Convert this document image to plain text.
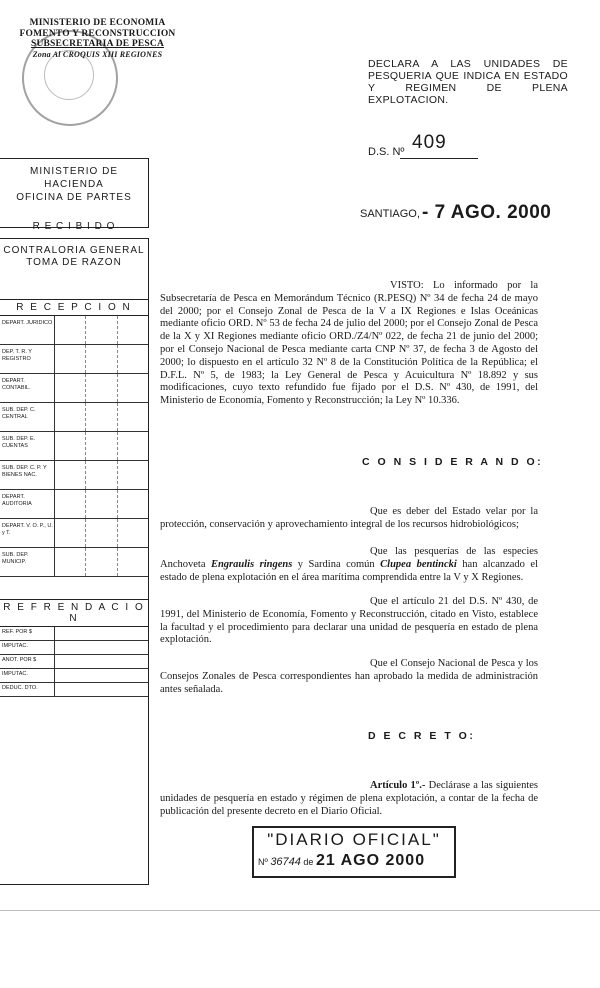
MINISTERIO DE ECONOMIA
FOMENTO Y RECONSTRUCCION
SUBSECRETARIA DE PESCA
Zona Al CROQUIS XIII REGIONES
DECLARA A LAS UNIDADES DE PESQUERIA QUE INDICA EN ESTADO Y REGIMEN DE PLENA EXPLOTACION.
D.S. Nº 409
SANTIAGO, - 7 AGO. 2000
MINISTERIO DE HACIENDA
OFICINA DE PARTES
R E C I B I D O
CONTRALORIA GENERAL
TOMA DE RAZON
R E C E P C I O N
DEPART. JURIDICO
DEP. T. R. Y REGISTRO
DEPART. CONTABIL.
SUB. DEP. C. CENTRAL
SUB. DEP. E. CUENTAS
SUB. DEP. C. P. Y BIENES NAC.
DEPART. AUDITORIA
DEPART. V. O. P., U. y T.
SUB. DEP. MUNICIP.
R E F R E N D A C I O N
REF. POR $
IMPUTAC.
ANOT. POR $
IMPUTAC.
DEDUC. DTO.
VISTO: Lo informado por la Subsecretaría de Pesca en Memorándum Técnico (R.PESQ) Nº 34 de fecha 24 de mayo del 2000; por el Consejo Zonal de Pesca de la V a IX Regiones e Islas Oceánicas mediante oficio ORD. Nº 53 de fecha 24 de julio del 2000; por el Consejo Zonal de Pesca de la X y XI Regiones mediante oficio ORD./Z4/Nº 022, de fecha 21 de junio del 2000; por el Consejo Nacional de Pesca mediante carta CNP Nº 37, de fecha 3 de Agosto del 2000; lo dispuesto en el artículo 32 Nº 8 de la Constitución Política de la República; el D.F.L. Nº 5, de 1983; la Ley General de Pesca y Acuicultura Nº 18.892 y sus modificaciones, cuyo texto refundido fue fijado por el D.S. Nº 430, de 1991, del Ministerio de Economía, Fomento y Reconstrucción; la Ley Nº 10.336.
C O N S I D E R A N D O:
Que es deber del Estado velar por la protección, conservación y aprovechamiento integral de los recursos hidrobiológicos;
Que las pesquerías de las especies Anchoveta Engraulis ringens y Sardina común Clupea bentincki han alcanzado el estado de plena explotación en el área marítima comprendida entre la V y X Regiones.
Que el artículo 21 del D.S. Nº 430, de 1991, del Ministerio de Economía, Fomento y Reconstrucción, citado en Visto, establece la facultad y el procedimiento para declarar una unidad de pesquería en estado de plena explotación.
Que el Consejo Nacional de Pesca y los Consejos Zonales de Pesca correspondientes han aprobado la medida de administración antes señalada.
D E C R E T O:
Artículo 1º.- Declárase a las siguientes unidades de pesquería en estado y régimen de plena explotación, a contar de la fecha de publicación del presente decreto en el Diario Oficial.
"DIARIO OFICIAL"
Nº 36744 de 21 AGO 2000
